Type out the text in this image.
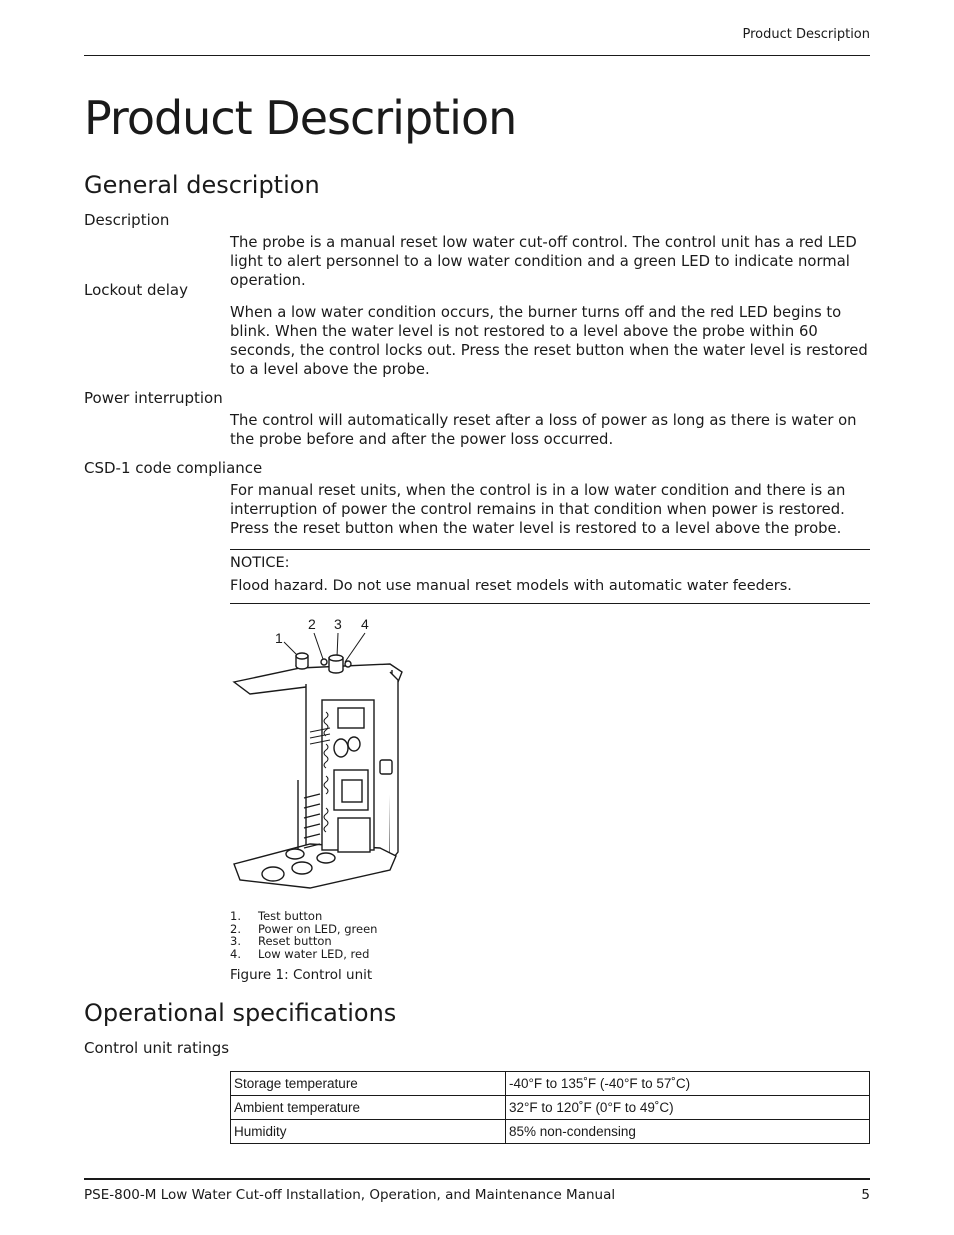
Product Description
Product Description
General description
Description
The probe is a manual reset low water cut-off control. The control unit has a red LED light to alert personnel to a low water condition and a green LED to indicate normal operation.
Lockout delay
When a low water condition occurs, the burner turns off and the red LED begins to blink. When the water level is not restored to a level above the probe within 60 seconds, the control locks out. Press the reset button when the water level is restored to a level above the probe.
Power interruption
The control will automatically reset after a loss of power as long as there is water on the probe before and after the power loss occurred.
CSD-1 code compliance
For manual reset units, when the control is in a low water condition and there is an interruption of power the control remains in that condition when power is restored. Press the reset button when the water level is restored to a level above the probe.
NOTICE:
Flood hazard. Do not use manual reset models with automatic water feeders.
1
2 3 4
1.	Test button
2.	Power on LED, green
3.	Reset button
4.	Low water LED, red
Figure 1: Control unit
Operational specifications
Control unit ratings
Storage temperature	-40°F to 135˚F (-40°F to 57˚C)
Ambient temperature	32°F to 120˚F (0°F to 49˚C)
Humidity	85% non-condensing
PSE-800-M Low Water Cut-off Installation, Operation, and Maintenance Manual	5
